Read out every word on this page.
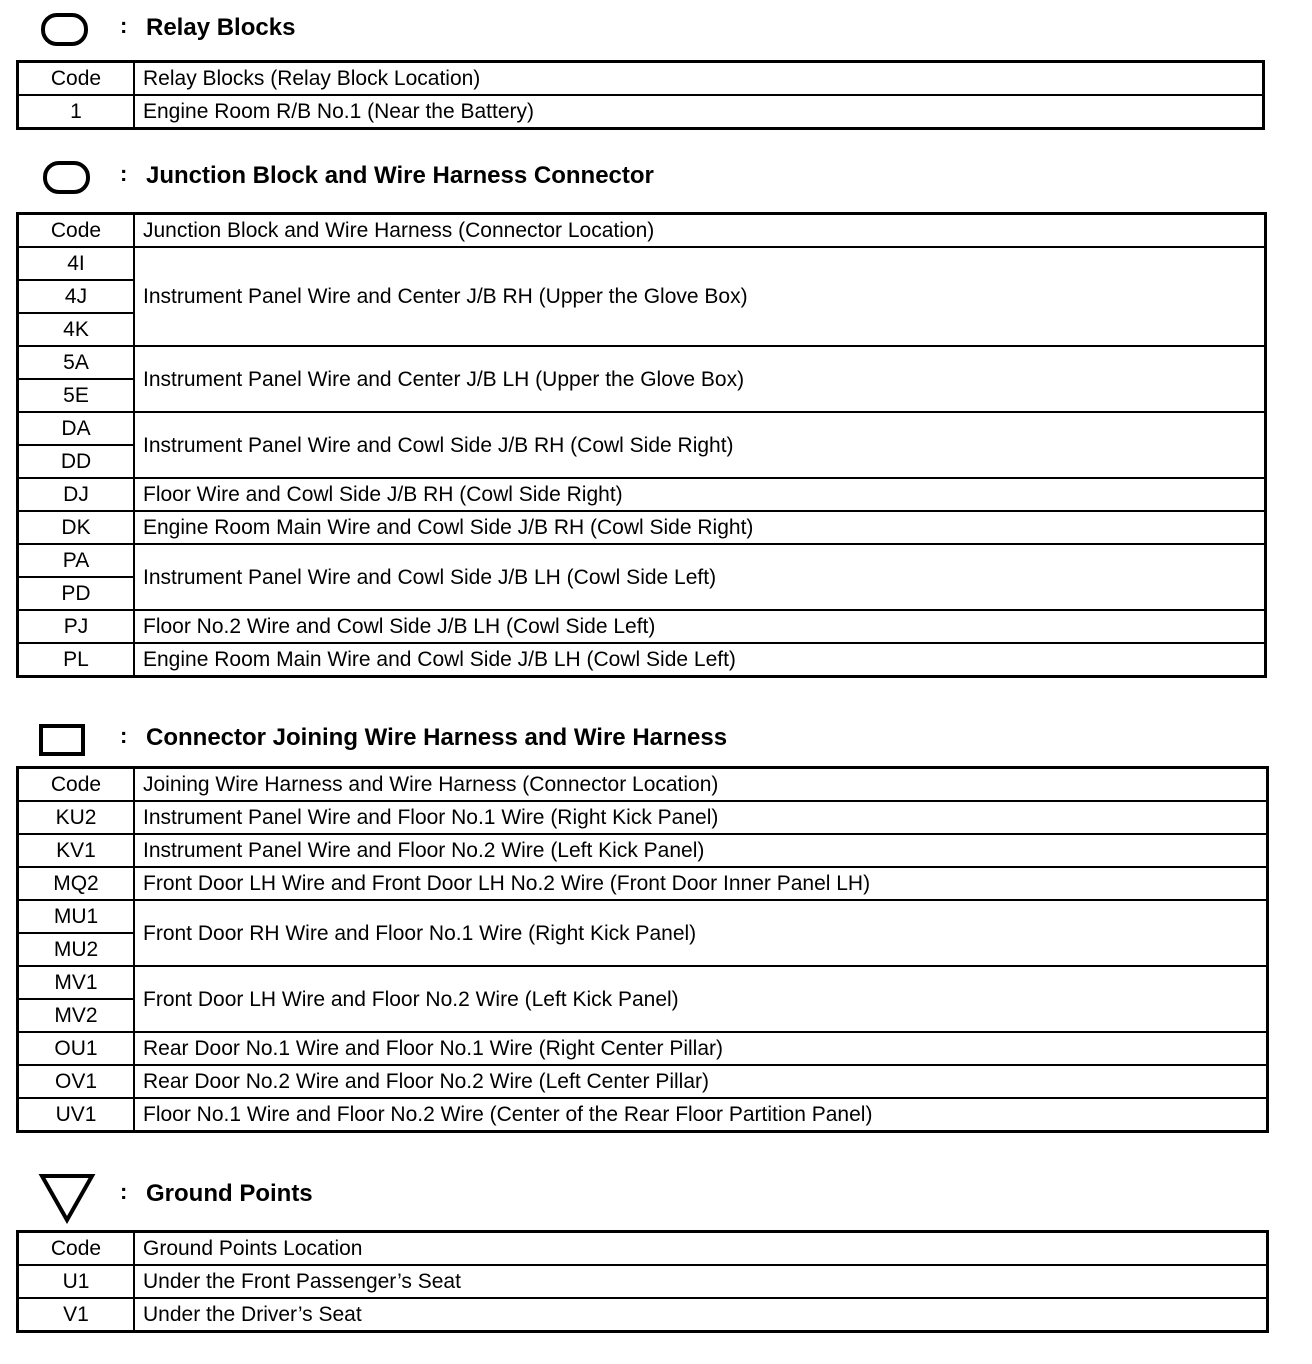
: Relay Blocks
Code	Relay Blocks (Relay Block Location)
1	Engine Room R/B No.1 (Near the Battery)
: Junction Block and Wire Harness Connector
Code	Junction Block and Wire Harness (Connector Location)
4I	Instrument Panel Wire and Center J/B RH (Upper the Glove Box)
4J	
4K	
5A	Instrument Panel Wire and Center J/B LH (Upper the Glove Box)
5E	
DA	Instrument Panel Wire and Cowl Side J/B RH (Cowl Side Right)
DD	
DJ	Floor Wire and Cowl Side J/B RH (Cowl Side Right)
DK	Engine Room Main Wire and Cowl Side J/B RH (Cowl Side Right)
PA	Instrument Panel Wire and Cowl Side J/B LH (Cowl Side Left)
PD	
PJ	Floor No.2 Wire and Cowl Side J/B LH (Cowl Side Left)
PL	Engine Room Main Wire and Cowl Side J/B LH (Cowl Side Left)
: Connector Joining Wire Harness and Wire Harness
Code	Joining Wire Harness and Wire Harness (Connector Location)
KU2	Instrument Panel Wire and Floor No.1 Wire (Right Kick Panel)
KV1	Instrument Panel Wire and Floor No.2 Wire (Left Kick Panel)
MQ2	Front Door LH Wire and Front Door LH No.2 Wire (Front Door Inner Panel LH)
MU1	Front Door RH Wire and Floor No.1 Wire (Right Kick Panel)
MU2	
MV1	Front Door LH Wire and Floor No.2 Wire (Left Kick Panel)
MV2	
OU1	Rear Door No.1 Wire and Floor No.1 Wire (Right Center Pillar)
OV1	Rear Door No.2 Wire and Floor No.2 Wire (Left Center Pillar)
UV1	Floor No.1 Wire and Floor No.2 Wire (Center of the Rear Floor Partition Panel)
: Ground Points
Code	Ground Points Location
U1	Under the Front Passenger’s Seat
V1	Under the Driver’s Seat
